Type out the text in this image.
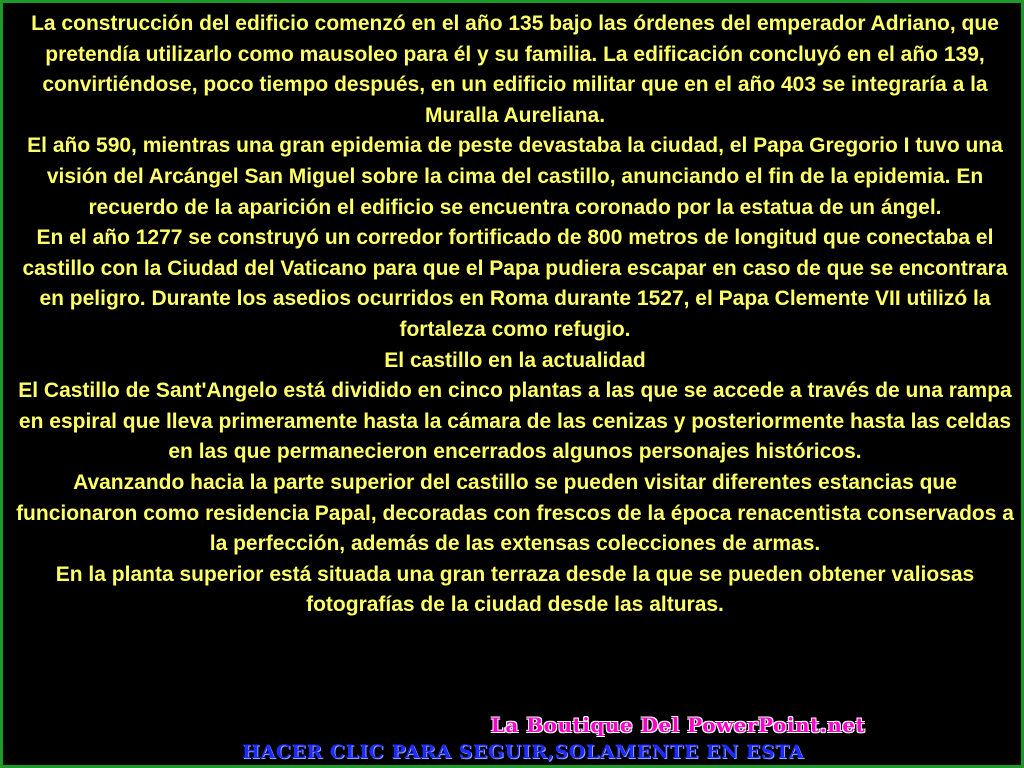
La construcción del edificio comenzó en el año 135 bajo las órdenes del emperador Adriano, que pretendía utilizarlo como mausoleo para él y su familia. La edificación concluyó en el año 139, convirtiéndose, poco tiempo después, en un edificio militar que en el año 403 se integraría a la Muralla Aureliana.
El año 590, mientras una gran epidemia de peste devastaba la ciudad, el Papa Gregorio I tuvo una visión del Arcángel San Miguel sobre la cima del castillo, anunciando el fin de la epidemia. En recuerdo de la aparición el edificio se encuentra coronado por la estatua de un ángel.
En el año 1277 se construyó un corredor fortificado de 800 metros de longitud que conectaba el castillo con la Ciudad del Vaticano para que el Papa pudiera escapar en caso de que se encontrara en peligro. Durante los asedios ocurridos en Roma durante 1527, el Papa Clemente VII utilizó la fortaleza como refugio.
El castillo en la actualidad
El Castillo de Sant'Angelo está dividido en cinco plantas a las que se accede a través de una rampa en espiral que lleva primeramente hasta la cámara de las cenizas y posteriormente hasta las celdas en las que permanecieron encerrados algunos personajes históricos.
Avanzando hacia la parte superior del castillo se pueden visitar diferentes estancias que funcionaron como residencia Papal, decoradas con frescos de la época renacentista conservados a la perfección, además de las extensas colecciones de armas.
En la planta superior está situada una gran terraza desde la que se pueden obtener valiosas fotografías de la ciudad desde las alturas.
La Boutique Del PowerPoint.net
HACER CLIC PARA SEGUIR,SOLAMENTE EN ESTA
